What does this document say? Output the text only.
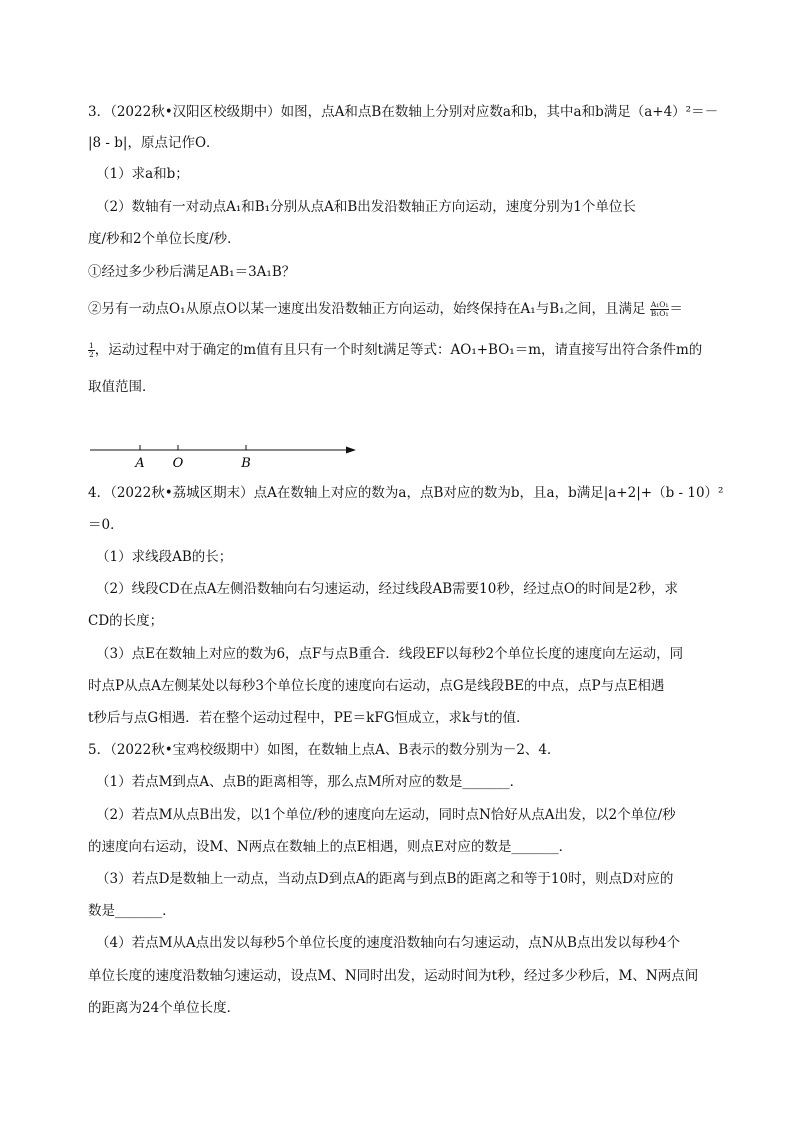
3．（2022秋•汉阳区校级期中）如图，点A和点B在数轴上分别对应数a和b，其中a和b满足（a+4）²＝－
|8 - b|，原点记作O．
（1）求a和b；
（2）数轴有一对动点A₁和B₁分别从点A和B出发沿数轴正方向运动，速度分别为1个单位长
度/秒和2个单位长度/秒．
①经过多少秒后满足AB₁＝3A₁B？
②另有一动点O₁从原点O以某一速度出发沿数轴正方向运动，始终保持在A₁与B₁之间，且满足 $\frac{\text{A₁O₁}}{\text{B₁O₁}}$ ＝
$\frac{1}{2}$ ，运动过程中对于确定的m值有且只有一个时刻t满足等式：AO₁+BO₁＝m，请直接写出符合条件m的
取值范围．
A O	B
4．（2022秋•荔城区期末）点A在数轴上对应的数为a，点B对应的数为b，且a，b满足|a+2|+（b - 10）²
＝0．
（1）求线段AB的长；
（2）线段CD在点A左侧沿数轴向右匀速运动，经过线段AB需要10秒，经过点O的时间是2秒，求
CD的长度；
（3）点E在数轴上对应的数为6，点F与点B重合．线段EF以每秒2个单位长度的速度向左运动，同
时点P从点A左侧某处以每秒3个单位长度的速度向右运动，点G是线段BE的中点，点P与点E相遇
t秒后与点G相遇．若在整个运动过程中，PE＝kFG恒成立，求k与t的值．
5．（2022秋•宝鸡校级期中）如图，在数轴上点A、B表示的数分别为－2、4．
（1）若点M到点A、点B的距离相等，那么点M所对应的数是_______．
（2）若点M从点B出发，以1个单位/秒的速度向左运动，同时点N恰好从点A出发，以2个单位/秒
的速度向右运动，设M、N两点在数轴上的点E相遇，则点E对应的数是_______．
（3）若点D是数轴上一动点，当动点D到点A的距离与到点B的距离之和等于10时，则点D对应的
数是_______．
（4）若点M从A点出发以每秒5个单位长度的速度沿数轴向右匀速运动，点N从B点出发以每秒4个
单位长度的速度沿数轴匀速运动，设点M、N同时出发，运动时间为t秒，经过多少秒后，M、N两点间
的距离为24个单位长度．
